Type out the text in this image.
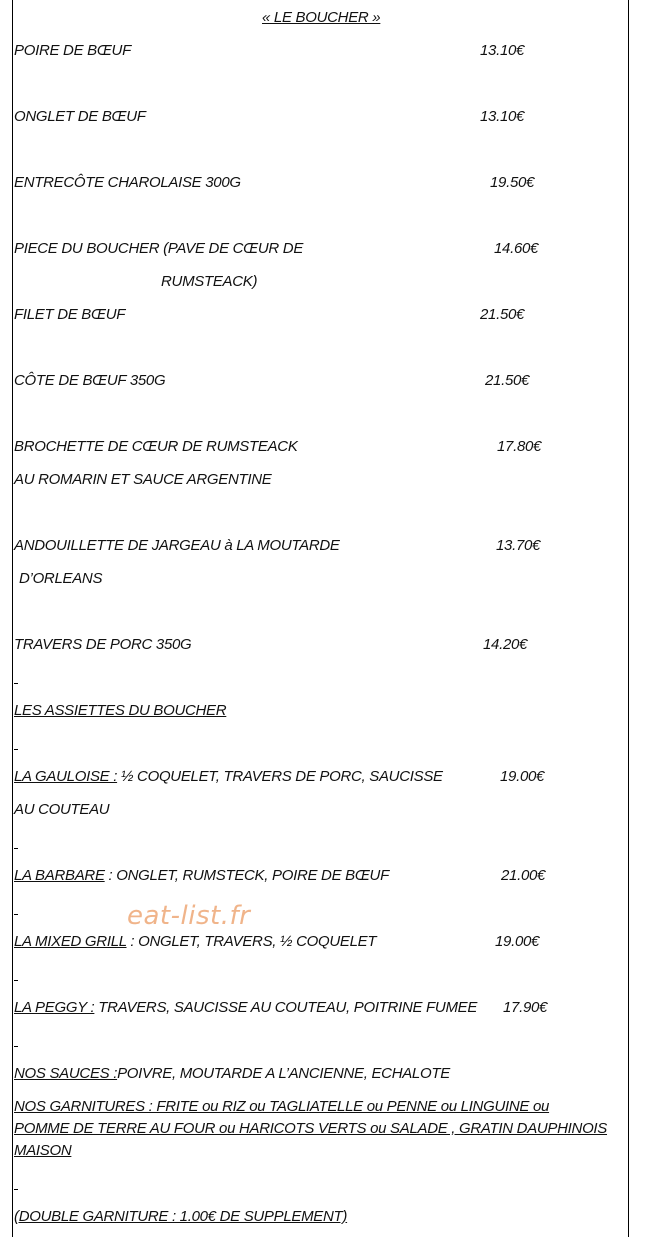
« LE BOUCHER »
POIRE DE BŒUF	13.10€
ONGLET DE BŒUF	13.10€
ENTRECÔTE CHAROLAISE 300G	19.50€
PIECE DU BOUCHER (PAVE DE CŒUR DE	14.60€
RUMSTEACK)
FILET DE BŒUF	21.50€
CÔTE DE BŒUF 350G	21.50€
BROCHETTE DE CŒUR DE RUMSTEACK	17.80€
AU ROMARIN ET SAUCE ARGENTINE
ANDOUILLETTE DE JARGEAU à LA MOUTARDE	13.70€
D’ORLEANS
TRAVERS DE PORC 350G	14.20€
LES ASSIETTES DU BOUCHER
LA GAULOISE : ½ COQUELET, TRAVERS DE PORC, SAUCISSE	19.00€
AU COUTEAU
LA BARBARE : ONGLET, RUMSTECK, POIRE DE BŒUF	21.00€
LA MIXED GRILL : ONGLET, TRAVERS, ½ COQUELET	19.00€
LA PEGGY : TRAVERS, SAUCISSE AU COUTEAU, POITRINE FUMEE 17.90€
NOS SAUCES :POIVRE, MOUTARDE A L’ANCIENNE, ECHALOTE
NOS GARNITURES : FRITE ou RIZ ou TAGLIATELLE ou PENNE ou LINGUINE ou
POMME DE TERRE AU FOUR ou HARICOTS VERTS ou SALADE , GRATIN DAUPHINOIS
MAISON
(DOUBLE GARNITURE : 1.00€ DE SUPPLEMENT)
eat-list.fr
